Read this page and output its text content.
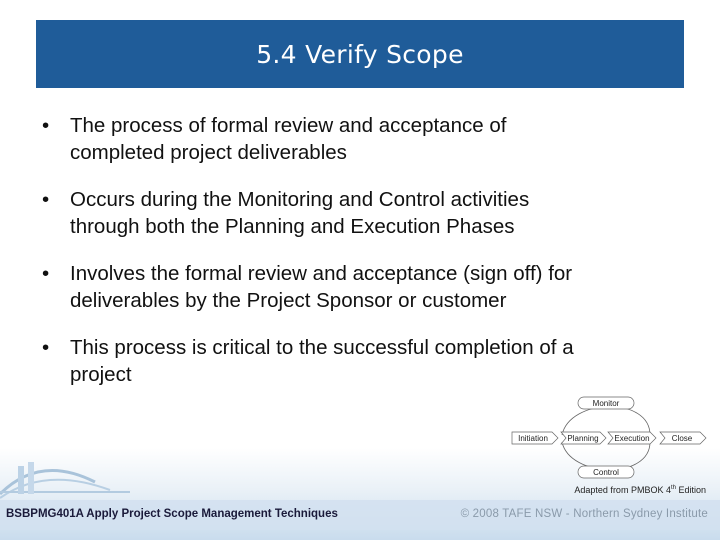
5.4 Verify Scope
• The process of formal review and acceptance of
completed project deliverables
• Occurs during the Monitoring and Control activities
through both the Planning and Execution Phases
• Involves the formal review and acceptance (sign off) for
deliverables by the Project Sponsor or customer
• This process is critical to the successful completion of a
project
Monitor
Control
Initiation Planning Execution	Close
Adapted from PMBOK 4th Edition
BSBPMG401A Apply Project Scope Management Techniques	© 2008 TAFE NSW - Northern Sydney Institute
